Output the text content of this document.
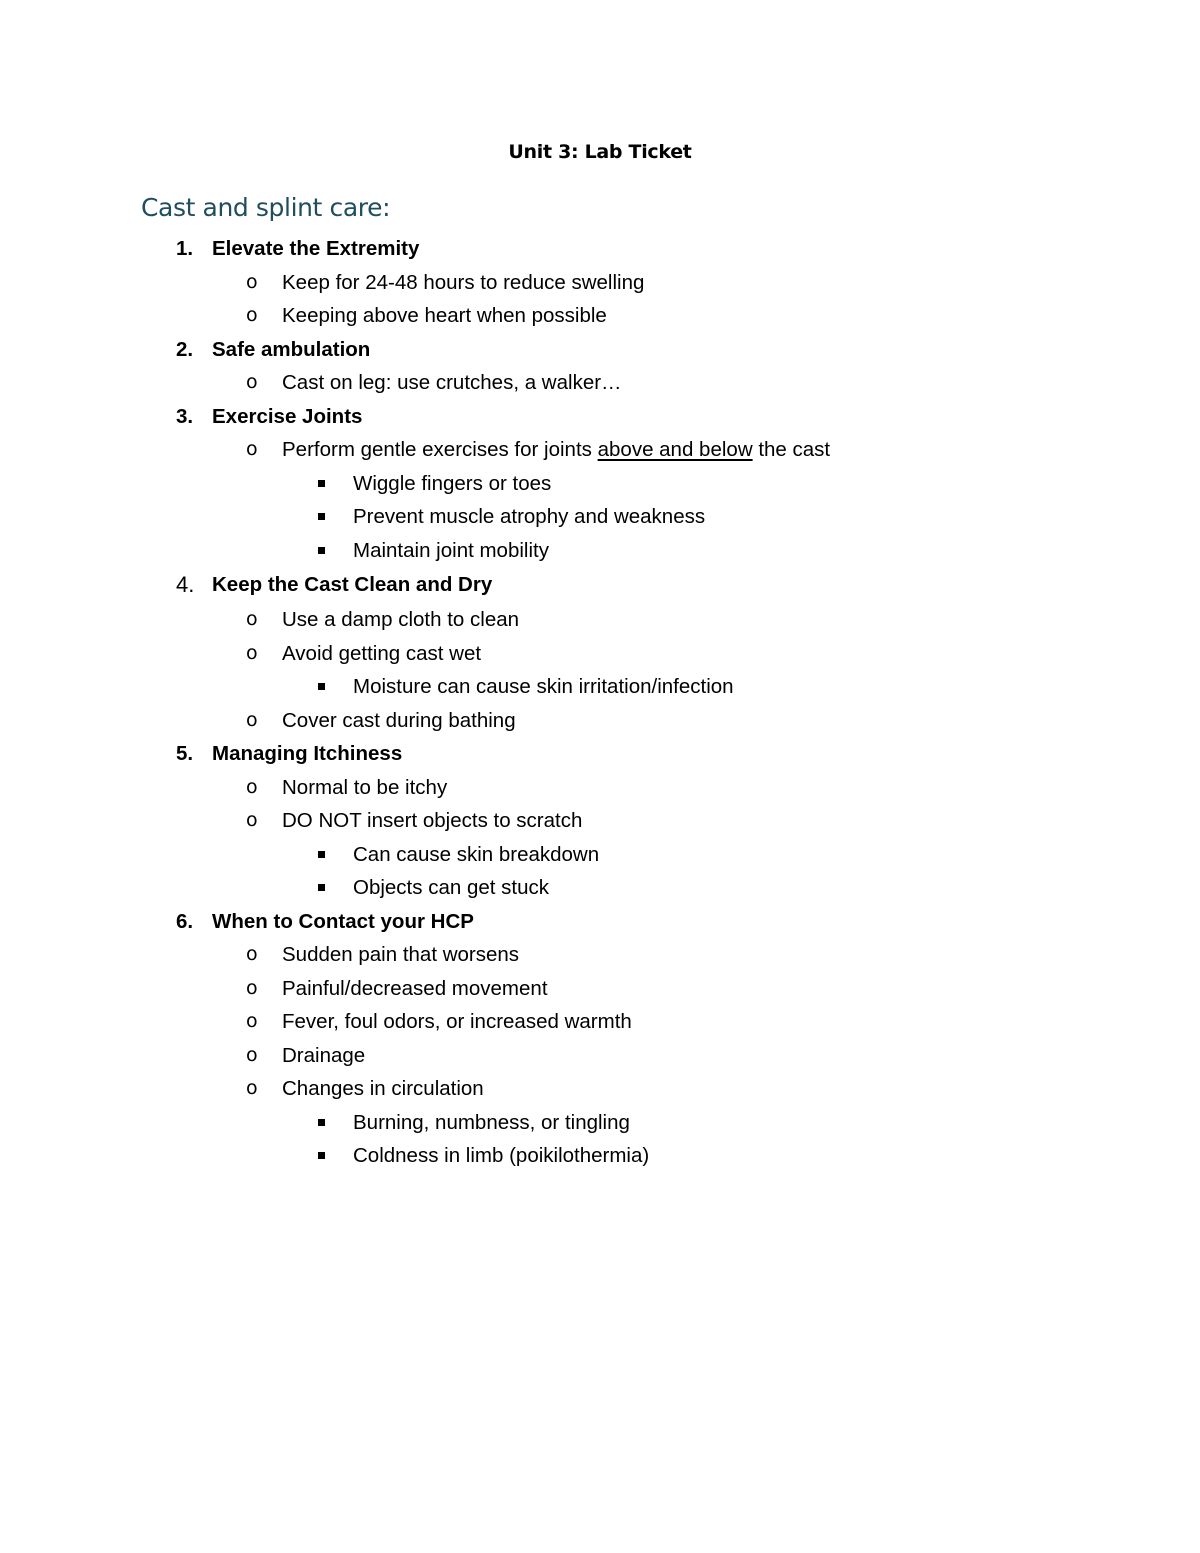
Unit 3: Lab Ticket
Cast and splint care:
1. Elevate the Extremity
o Keep for 24-48 hours to reduce swelling
o Keeping above heart when possible
2. Safe ambulation
o Cast on leg: use crutches, a walker…
3. Exercise Joints
o Perform gentle exercises for joints above and below the cast
Wiggle fingers or toes
Prevent muscle atrophy and weakness
Maintain joint mobility
4. Keep the Cast Clean and Dry
o Use a damp cloth to clean
o Avoid getting cast wet
Moisture can cause skin irritation/infection
o Cover cast during bathing
5. Managing Itchiness
o Normal to be itchy
o DO NOT insert objects to scratch
Can cause skin breakdown
Objects can get stuck
6. When to Contact your HCP
o Sudden pain that worsens
o Painful/decreased movement
o Fever, foul odors, or increased warmth
o Drainage
o Changes in circulation
Burning, numbness, or tingling
Coldness in limb (poikilothermia)
